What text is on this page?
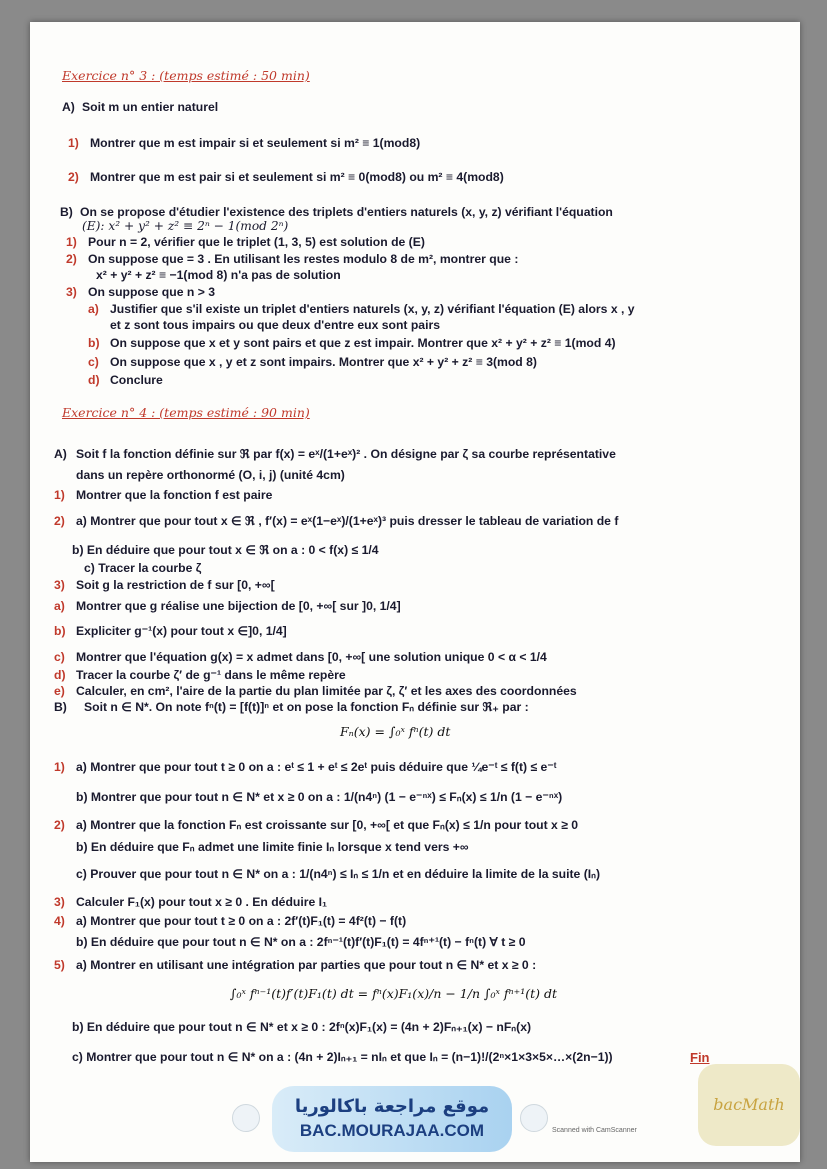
Exercice n° 3 : (temps estimé : 50 min)
A) Soit m un entier naturel
1) Montrer que m est impair si et seulement si m² ≡ 1(mod8)
2) Montrer que m est pair si et seulement si m² ≡ 0(mod8) ou m² ≡ 4(mod8)
B) On se propose d'étudier l'existence des triplets d'entiers naturels (x, y, z) vérifiant l'équation
(E): x² + y² + z² ≡ 2ⁿ − 1(mod 2ⁿ)
1) Pour n = 2, vérifier que le triplet (1, 3, 5) est solution de (E)
2) On suppose que = 3 . En utilisant les restes modulo 8 de m², montrer que :
x² + y² + z² ≡ −1(mod 8) n'a pas de solution
3) On suppose que n > 3
a) Justifier que s'il existe un triplet d'entiers naturels (x, y, z) vérifiant l'équation (E) alors x , y
et z sont tous impairs ou que deux d'entre eux sont pairs
b) On suppose que x et y sont pairs et que z est impair. Montrer que x² + y² + z² ≡ 1(mod 4)
c) On suppose que x , y et z sont impairs. Montrer que x² + y² + z² ≡ 3(mod 8)
d) Conclure
Exercice n° 4 : (temps estimé : 90 min)
A) Soit f la fonction définie sur ℜ par f(x) = eˣ/(1+eˣ)² . On désigne par ζ sa courbe représentative
dans un repère orthonormé (O, i, j) (unité 4cm)
1) Montrer que la fonction f est paire
2) a) Montrer que pour tout x ∈ ℜ , f′(x) = eˣ(1−eˣ)/(1+eˣ)³ puis dresser le tableau de variation de f
b) En déduire que pour tout x ∈ ℜ on a : 0 < f(x) ≤ 1/4
c) Tracer la courbe ζ
3) Soit g la restriction de f sur [0, +∞[
a) Montrer que g réalise une bijection de [0, +∞[ sur ]0, 1/4]
b) Expliciter g⁻¹(x) pour tout x ∈]0, 1/4]
c) Montrer que l'équation g(x) = x admet dans [0, +∞[ une solution unique 0 < α < 1/4
d) Tracer la courbe ζ′ de g⁻¹ dans le même repère
e) Calculer, en cm², l'aire de la partie du plan limitée par ζ, ζ′ et les axes des coordonnées
B) Soit n ∈ N*. On note fⁿ(t) = [f(t)]ⁿ et on pose la fonction Fₙ définie sur ℜ₊ par :
Fₙ(x) = ∫₀ˣ fⁿ(t) dt
1) a) Montrer que pour tout t ≥ 0 on a : eᵗ ≤ 1 + eᵗ ≤ 2eᵗ puis déduire que ¼e⁻ᵗ ≤ f(t) ≤ e⁻ᵗ
b) Montrer que pour tout n ∈ N* et x ≥ 0 on a : 1/(n4ⁿ) (1 − e⁻ⁿˣ) ≤ Fₙ(x) ≤ 1/n (1 − e⁻ⁿˣ)
2) a) Montrer que la fonction Fₙ est croissante sur [0, +∞[ et que Fₙ(x) ≤ 1/n pour tout x ≥ 0
b) En déduire que Fₙ admet une limite finie Iₙ lorsque x tend vers +∞
c) Prouver que pour tout n ∈ N* on a : 1/(n4ⁿ) ≤ Iₙ ≤ 1/n et en déduire la limite de la suite (Iₙ)
3) Calculer F₁(x) pour tout x ≥ 0 . En déduire I₁
4) a) Montrer que pour tout t ≥ 0 on a : 2f′(t)F₁(t) = 4f²(t) − f(t)
b) En déduire que pour tout n ∈ N* on a : 2fⁿ⁻¹(t)f′(t)F₁(t) = 4fⁿ⁺¹(t) − fⁿ(t) ∀ t ≥ 0
5) a) Montrer en utilisant une intégration par parties que pour tout n ∈ N* et x ≥ 0 :
∫₀ˣ fⁿ⁻¹(t)f′(t)F₁(t) dt = fⁿ(x)F₁(x)/n − 1/n ∫₀ˣ fⁿ⁺¹(t) dt
b) En déduire que pour tout n ∈ N* et x ≥ 0 : 2fⁿ(x)F₁(x) = (4n + 2)Fₙ₊₁(x) − nFₙ(x)
c) Montrer que pour tout n ∈ N* on a : (4n + 2)Iₙ₊₁ = nIₙ et que Iₙ = (n−1)!/(2ⁿ×1×3×5×…×(2n−1))	Fin
موقع مراجعة باكالوريا
BAC.MOURAJAA.COM	Scanned with CamScanner
bacMath
